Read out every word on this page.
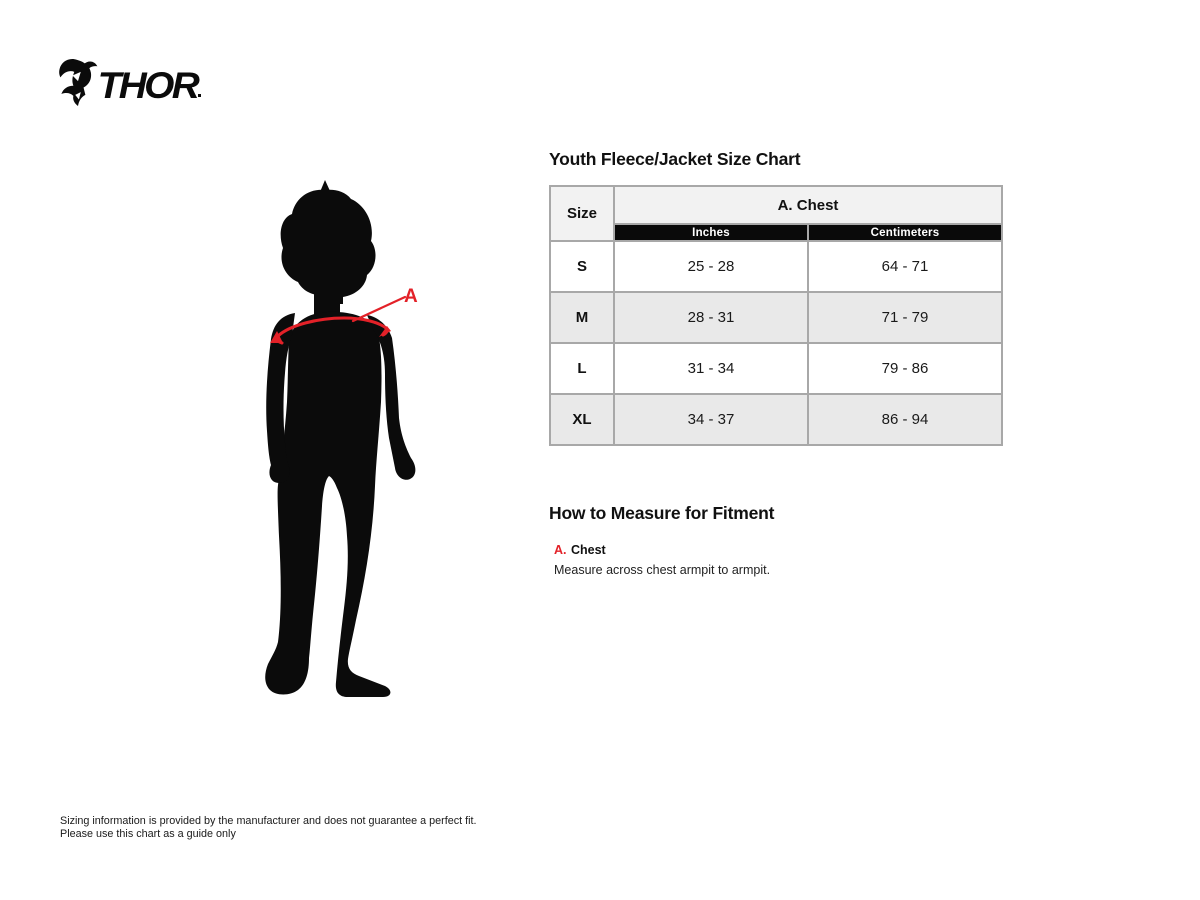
THOR
A
Youth Fleece/Jacket Size Chart
Size	A. Chest	
	Inches	Centimeters
S	25 - 28	64 - 71
M	28 - 31	71 - 79
L	31 - 34	79 - 86
XL	34 - 37	86 - 94
How to Measure for Fitment
A. Chest
Measure across chest armpit to armpit.
Sizing information is provided by the manufacturer and does not guarantee a perfect fit.
Please use this chart as a guide only
